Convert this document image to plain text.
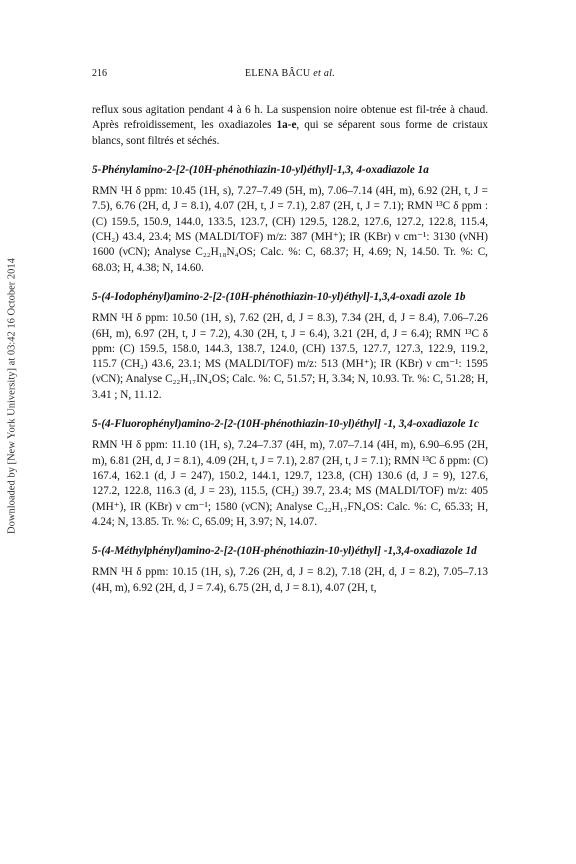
Downloaded by [New York University] at 03:42 16 October 2014
216	ELENA BÂCU et al.

reflux sous agitation pendant 4 à 6 h. La suspension noire obtenue est fil-trée à chaud. Après refroidissement, les oxadiazoles 1a-e, qui se séparent sous forme de cristaux blancs, sont filtrés et séchés.

5-Phénylamino-2-[2-(10H-phénothiazin-10-yl)éthyl]-1,3, 4-oxadiazole 1a

RMN ¹H δ ppm: 10.45 (1H, s), 7.27–7.49 (5H, m), 7.06–7.14 (4H, m), 6.92 (2H, t, J = 7.5), 6.76 (2H, d, J = 8.1), 4.07 (2H, t, J = 7.1), 2.87 (2H, t, J = 7.1); RMN ¹³C δ ppm : (C) 159.5, 150.9, 144.0, 133.5, 123.7, (CH) 129.5, 128.2, 127.6, 127.2, 122.8, 115.4, (CH₂) 43.4, 23.4; MS (MALDI/TOF) m/z: 387 (MH⁺); IR (KBr) ν cm⁻¹: 3130 (νNH) 1600 (νCN); Analyse C₂₂H₁₈N₄OS; Calc. %: C, 68.37; H, 4.69; N, 14.50. Tr. %: C, 68.03; H, 4.38; N, 14.60.

5-(4-Iodophényl)amino-2-[2-(10H-phénothiazin-10-yl)éthyl]-1,3,4-oxadi azole 1b

RMN ¹H δ ppm: 10.50 (1H, s), 7.62 (2H, d, J = 8.3), 7.34 (2H, d, J = 8.4), 7.06–7.26 (6H, m), 6.97 (2H, t, J = 7.2), 4.30 (2H, t, J = 6.4), 3.21 (2H, d, J = 6.4); RMN ¹³C δ ppm: (C) 159.5, 158.0, 144.3, 138.7, 124.0, (CH) 137.5, 127.7, 127.3, 122.9, 119.2, 115.7 (CH₂) 43.6, 23.1; MS (MALDI/TOF) m/z: 513 (MH⁺); IR (KBr) ν cm⁻¹: 1595 (νCN); Analyse C₂₂H₁₇IN₄OS; Calc. %: C, 51.57; H, 3.34; N, 10.93. Tr. %: C, 51.28; H, 3.41 ; N, 11.12.

5-(4-Fluorophényl)amino-2-[2-(10H-phénothiazin-10-yl)éthyl] -1, 3,4-oxadiazole 1c

RMN ¹H δ ppm: 11.10 (1H, s), 7.24–7.37 (4H, m), 7.07–7.14 (4H, m), 6.90–6.95 (2H, m), 6.81 (2H, d, J = 8.1), 4.09 (2H, t, J = 7.1), 2.87 (2H, t, J = 7.1); RMN ¹³C δ ppm: (C) 167.4, 162.1 (d, J = 247), 150.2, 144.1, 129.7, 123.8, (CH) 130.6 (d, J = 9), 127.6, 127.2, 122.8, 116.3 (d, J = 23), 115.5, (CH₂) 39.7, 23.4; MS (MALDI/TOF) m/z: 405 (MH⁺), IR (KBr) ν cm⁻¹; 1580 (νCN); Analyse C₂₂H₁₇FN₄OS: Calc. %: C, 65.33; H, 4.24; N, 13.85. Tr. %: C, 65.09; H, 3.97; N, 14.07.

5-(4-Méthylphényl)amino-2-[2-(10H-phénothiazin-10-yl)éthyl] -1,3,4-oxadiazole 1d

RMN ¹H δ ppm: 10.15 (1H, s), 7.26 (2H, d, J = 8.2), 7.18 (2H, d, J = 8.2), 7.05–7.13 (4H, m), 6.92 (2H, d, J = 7.4), 6.75 (2H, d, J = 8.1), 4.07 (2H, t,
